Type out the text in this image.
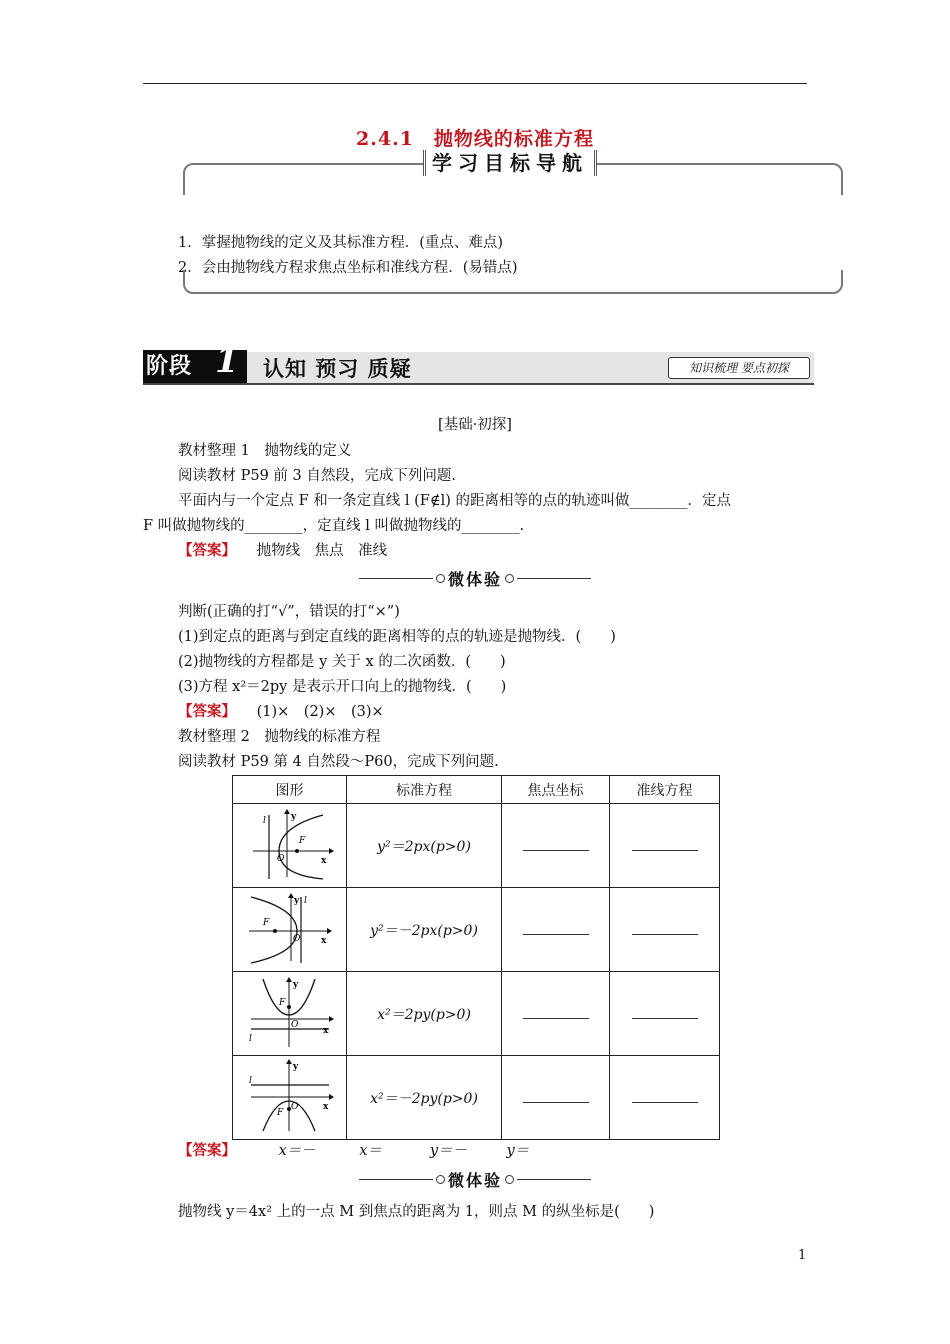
2.4.1　抛物线的标准方程
学习目标导航
1．掌握抛物线的定义及其标准方程．(重点、难点)
2．会由抛物线方程求焦点坐标和准线方程．(易错点)
阶段 1 认知 预习 质疑	知识梳理 要点初探
[基础·初探]
教材整理 1　抛物线的定义
阅读教材 P59 前 3 自然段，完成下列问题.
平面内与一个定点 F 和一条定直线 l (F∉l) 的距离相等的点的轨迹叫做________．定点
F 叫做抛物线的________，定直线 l 叫做抛物线的________.
【答案】 抛物线　焦点　准线
微体验
判断(正确的打“√”，错误的打“×”)
(1)到定点的距离与到定直线的距离相等的点的轨迹是抛物线．(　　)
(2)抛物线的方程都是 y 关于 x 的二次函数．(　　)
(3)方程 x²＝2py 是表示开口向上的抛物线．(　　)
【答案】 (1)×　(2)×　(3)×
教材整理 2　抛物线的标准方程
阅读教材 P59 第 4 自然段～P60，完成下列问题.
图形	标准方程	焦点坐标	准线方程

l y
F
O x	y²＝2px(p>0)		

F
y l
O x	y²＝－2px(p>0)		

F
y
O
l
x	x²＝2py(p>0)		

l
y
O
F
x	x²＝－2py(p>0)		
【答案】	x＝－	x＝	y＝－	y＝
微体验
抛物线 y＝4x² 上的一点 M 到焦点的距离为 1，则点 M 的纵坐标是(　　)
1
